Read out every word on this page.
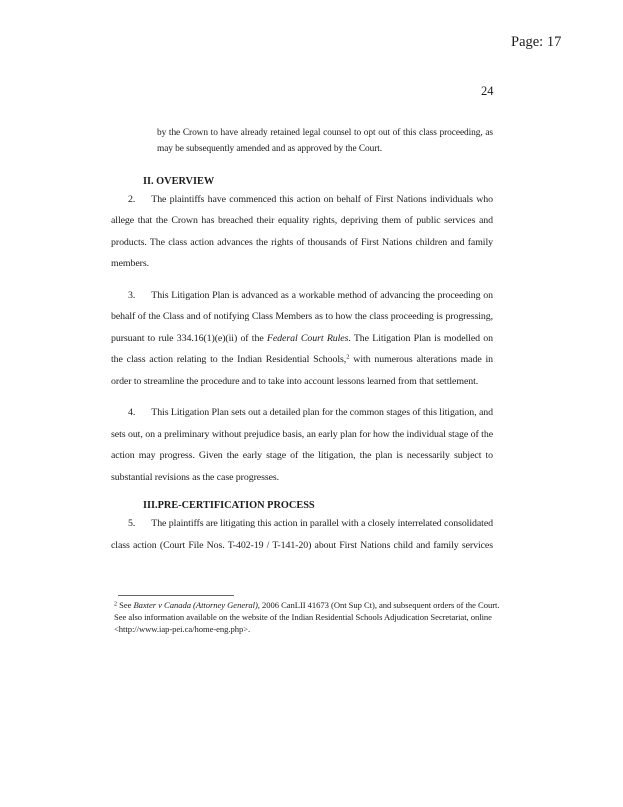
Page: 17
24
by the Crown to have already retained legal counsel to opt out of this class proceeding, as
may be subsequently amended and as approved by the Court.
II. OVERVIEW
2. The plaintiffs have commenced this action on behalf of First Nations individuals who
allege that the Crown has breached their equality rights, depriving them of public services and
products. The class action advances the rights of thousands of First Nations children and family
members.
3. This Litigation Plan is advanced as a workable method of advancing the proceeding on
behalf of the Class and of notifying Class Members as to how the class proceeding is progressing,
pursuant to rule 334.16(1)(e)(ii) of the Federal Court Rules. The Litigation Plan is modelled on
the class action relating to the Indian Residential Schools,$^2$ with numerous alterations made in
order to streamline the procedure and to take into account lessons learned from that settlement.
4. This Litigation Plan sets out a detailed plan for the common stages of this litigation, and
sets out, on a preliminary without prejudice basis, an early plan for how the individual stage of the
action may progress. Given the early stage of the litigation, the plan is necessarily subject to
substantial revisions as the case progresses.
III.PRE-CERTIFICATION PROCESS
5. The plaintiffs are litigating this action in parallel with a closely interrelated consolidated
class action (Court File Nos. T-402-19 / T-141-20) about First Nations child and family services
$^2$ See Baxter v Canada (Attorney General), 2006 CanLII 41673 (Ont Sup Ct), and subsequent orders of the Court.
See also information available on the website of the Indian Residential Schools Adjudication Secretariat, online
<http://www.iap-pei.ca/home-eng.php>.
